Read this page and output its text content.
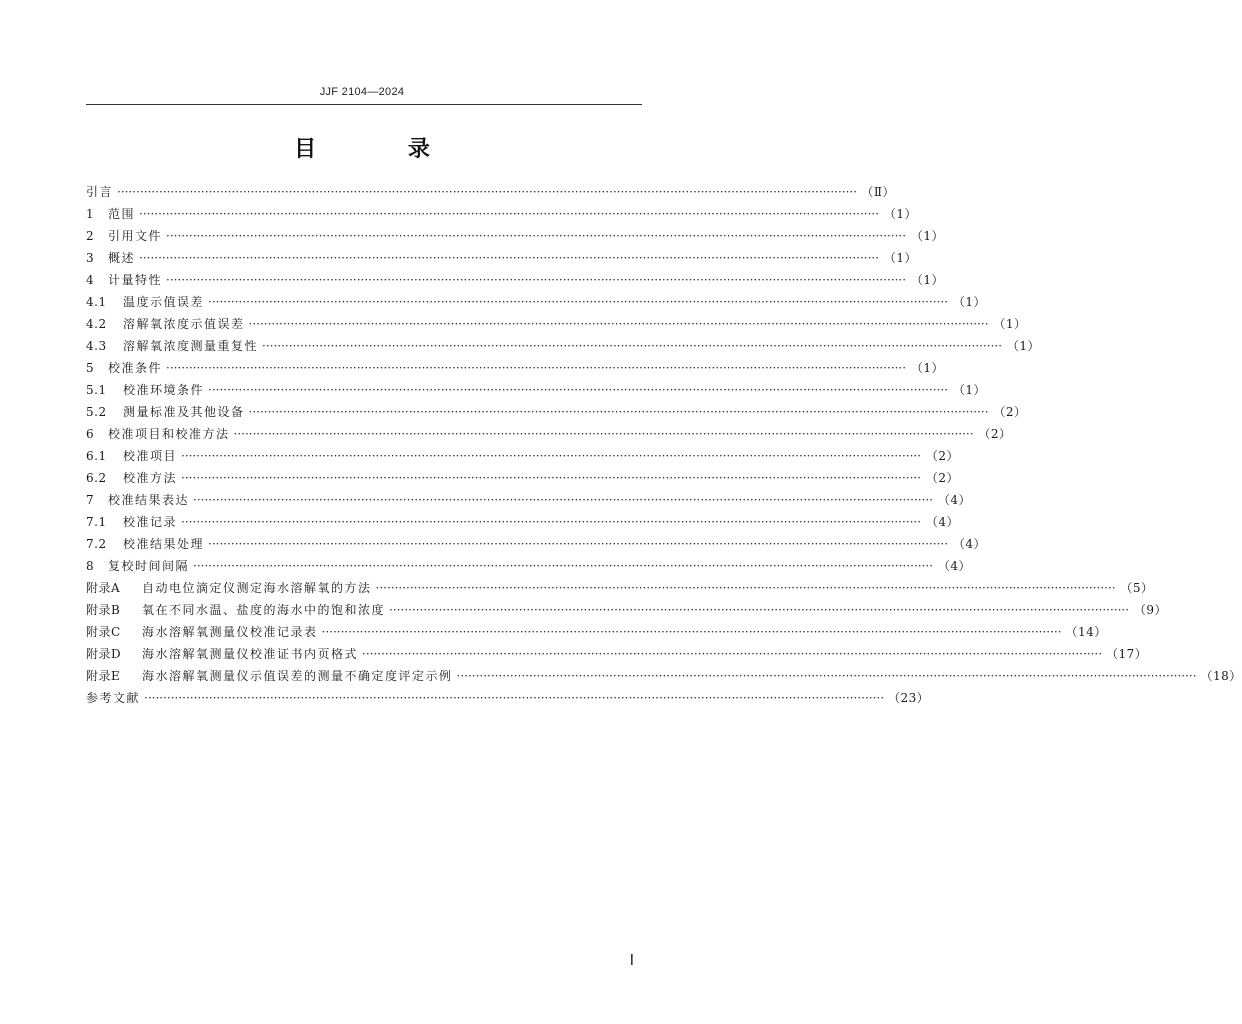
JJF 2104—2024
目 录
引言 ·····	（Ⅱ）
1	范围 ·····	（1）
2	引用文件 ·····	（1）
3	概述 ·····	（1）
4	计量特性 ·····	（1）
4.1	温度示值误差 ·····	（1）
4.2	溶解氧浓度示值误差 ·····	（1）
4.3	溶解氧浓度测量重复性 ·····	（1）
5	校准条件 ·····	（1）
5.1	校准环境条件 ·····	（1）
5.2	测量标准及其他设备 ·····	（2）
6	校准项目和校准方法 ·····	（2）
6.1	校准项目 ·····	（2）
6.2	校准方法 ·····	（2）
7	校准结果表达 ·····	（4）
7.1	校准记录 ·····	（4）
7.2	校准结果处理 ·····	（4）
8	复校时间间隔 ·····	（4）
附录A	自动电位滴定仪测定海水溶解氧的方法 ·····	（5）
附录B	氧在不同水温、盐度的海水中的饱和浓度 ·····	（9）
附录C	海水溶解氧测量仪校准记录表 ·····	（14）
附录D	海水溶解氧测量仪校准证书内页格式 ·····	（17）
附录E	海水溶解氧测量仪示值误差的测量不确定度评定示例 ·····	（18）
参考文献 ·····	（23）
Ⅰ
